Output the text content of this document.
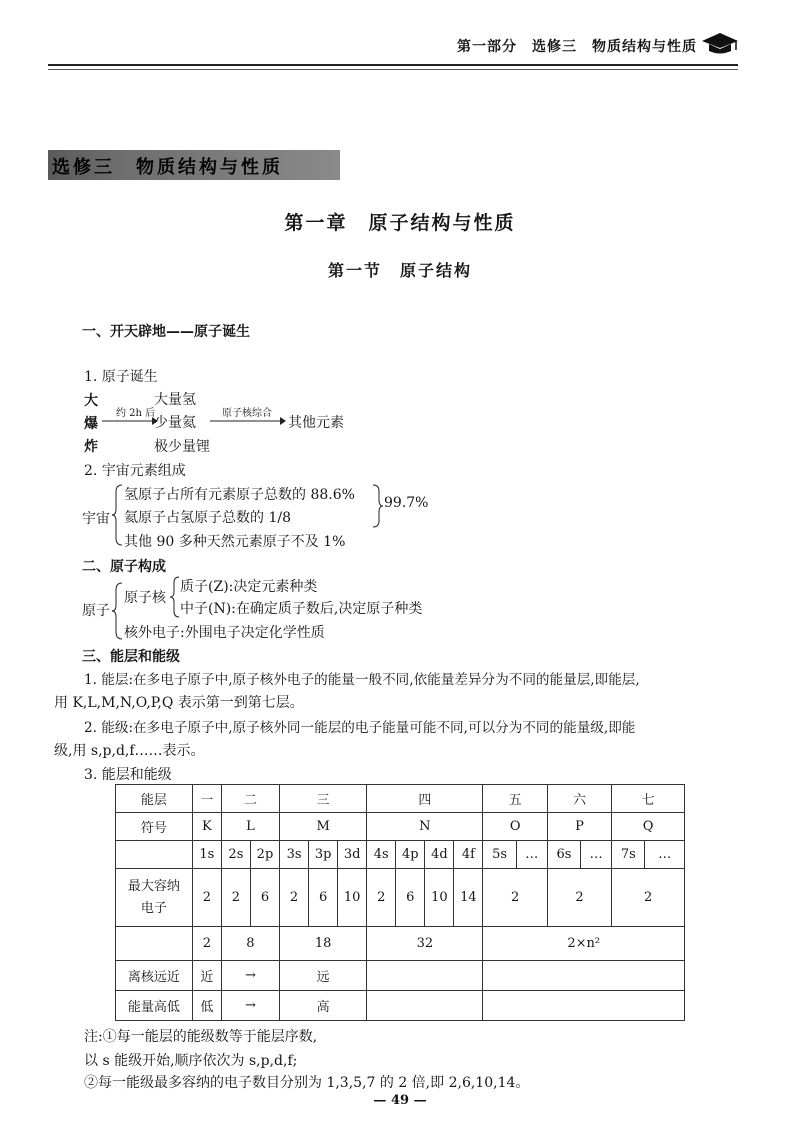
第一部分　选修三　物质结构与性质
选修三　物质结构与性质
第一章　原子结构与性质
第一节　原子结构
一、开天辟地——原子诞生
1. 原子诞生
大
爆
炸
约 2h 后
大量氢
少量氦
极少量锂
原子核综合
其他元素
2. 宇宙元素组成
宇宙
氢原子占所有元素原子总数的 88.6%
氦原子占氢原子总数的 1/8
其他 90 多种天然元素原子不及 1%
99.7%
二、原子构成
原子
原子核
质子(Z):决定元素种类
中子(N):在确定质子数后,决定原子种类
核外电子:外围电子决定化学性质
三、能层和能级
1. 能层:在多电子原子中,原子核外电子的能量一般不同,依能量差异分为不同的能量层,即能层,
用 K,L,M,N,O,P,Q 表示第一到第七层。
2. 能级:在多电子原子中,原子核外同一能层的电子能量可能不同,可以分为不同的能量级,即能
级,用 s,p,d,f……表示。
3. 能层和能级
能层	一	二		三			四				五		六		七	
符号	K	L		M			N				O		P		Q	
	1s	2s	2p	3s	3p	3d	4s	4p	4d	4f	5s	…	6s	…	7s	…
最大容纳电子	2	2	6	2	6	10	2	6	10	14	2		2		2	
	2	8		18			32				2×n²					
离核远近	近	→		远												
能量高低	低	→		高												
注:①每一能层的能级数等于能层序数,
以 s 能级开始,顺序依次为 s,p,d,f;
②每一能级最多容纳的电子数目分别为 1,3,5,7 的 2 倍,即 2,6,10,14。
— 49 —
